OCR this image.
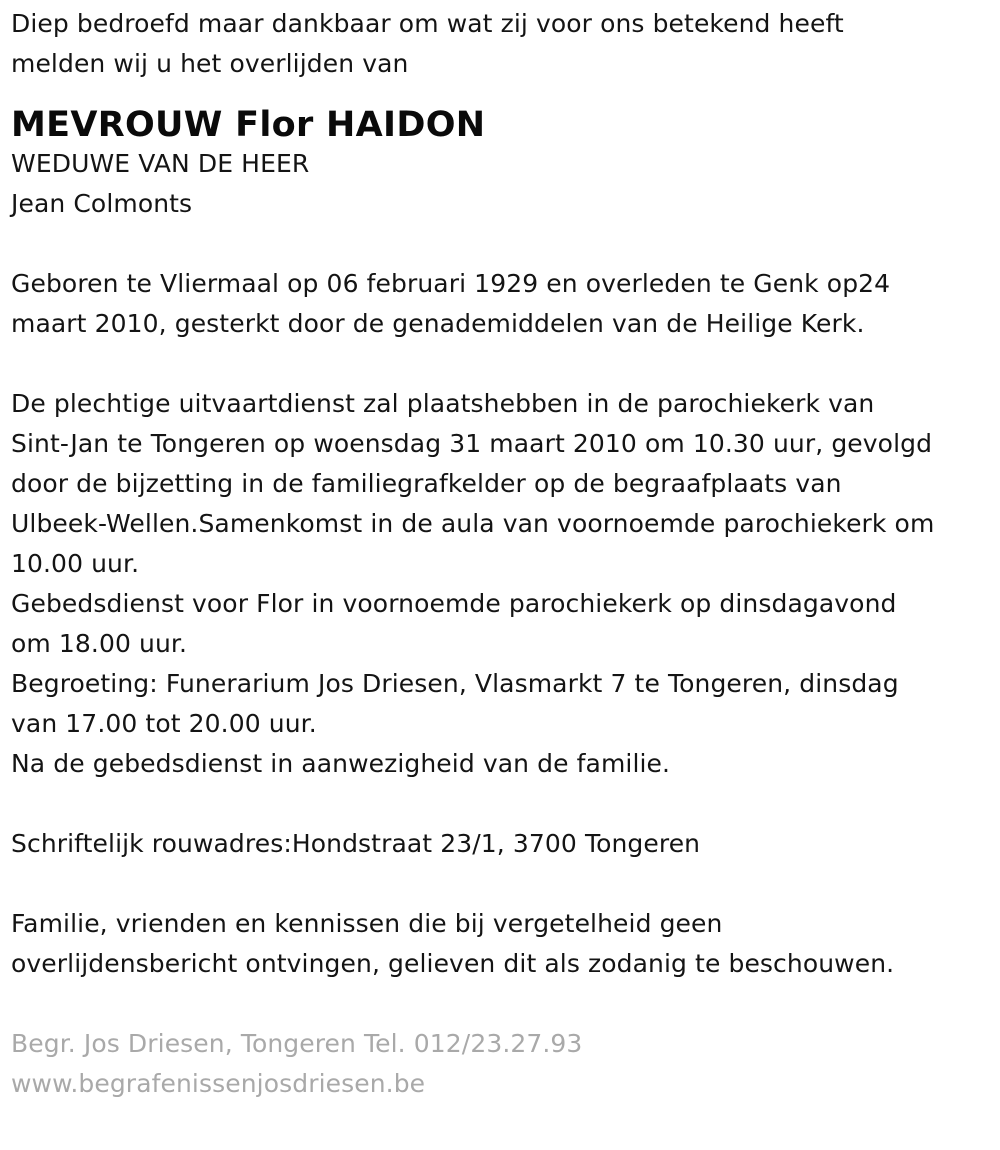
Diep bedroefd maar dankbaar om wat zij voor ons betekend heeft
melden wij u het overlijden van
MEVROUW Flor HAIDON
WEDUWE VAN DE HEER
Jean Colmonts
Geboren te Vliermaal op 06 februari 1929 en overleden te Genk op24
maart 2010, gesterkt door de genademiddelen van de Heilige Kerk.
De plechtige uitvaartdienst zal plaatshebben in de parochiekerk van
Sint-Jan te Tongeren op woensdag 31 maart 2010 om 10.30 uur, gevolgd
door de bijzetting in de familiegrafkelder op de begraafplaats van
Ulbeek-Wellen.Samenkomst in de aula van voornoemde parochiekerk om
10.00 uur.
Gebedsdienst voor Flor in voornoemde parochiekerk op dinsdagavond
om 18.00 uur.
Begroeting: Funerarium Jos Driesen, Vlasmarkt 7 te Tongeren, dinsdag
van 17.00 tot 20.00 uur.
Na de gebedsdienst in aanwezigheid van de familie.
Schriftelijk rouwadres:Hondstraat 23/1, 3700 Tongeren
Familie, vrienden en kennissen die bij vergetelheid geen
overlijdensbericht ontvingen, gelieven dit als zodanig te beschouwen.
Begr. Jos Driesen, Tongeren Tel. 012/23.27.93
www.begrafenissenjosdriesen.be
